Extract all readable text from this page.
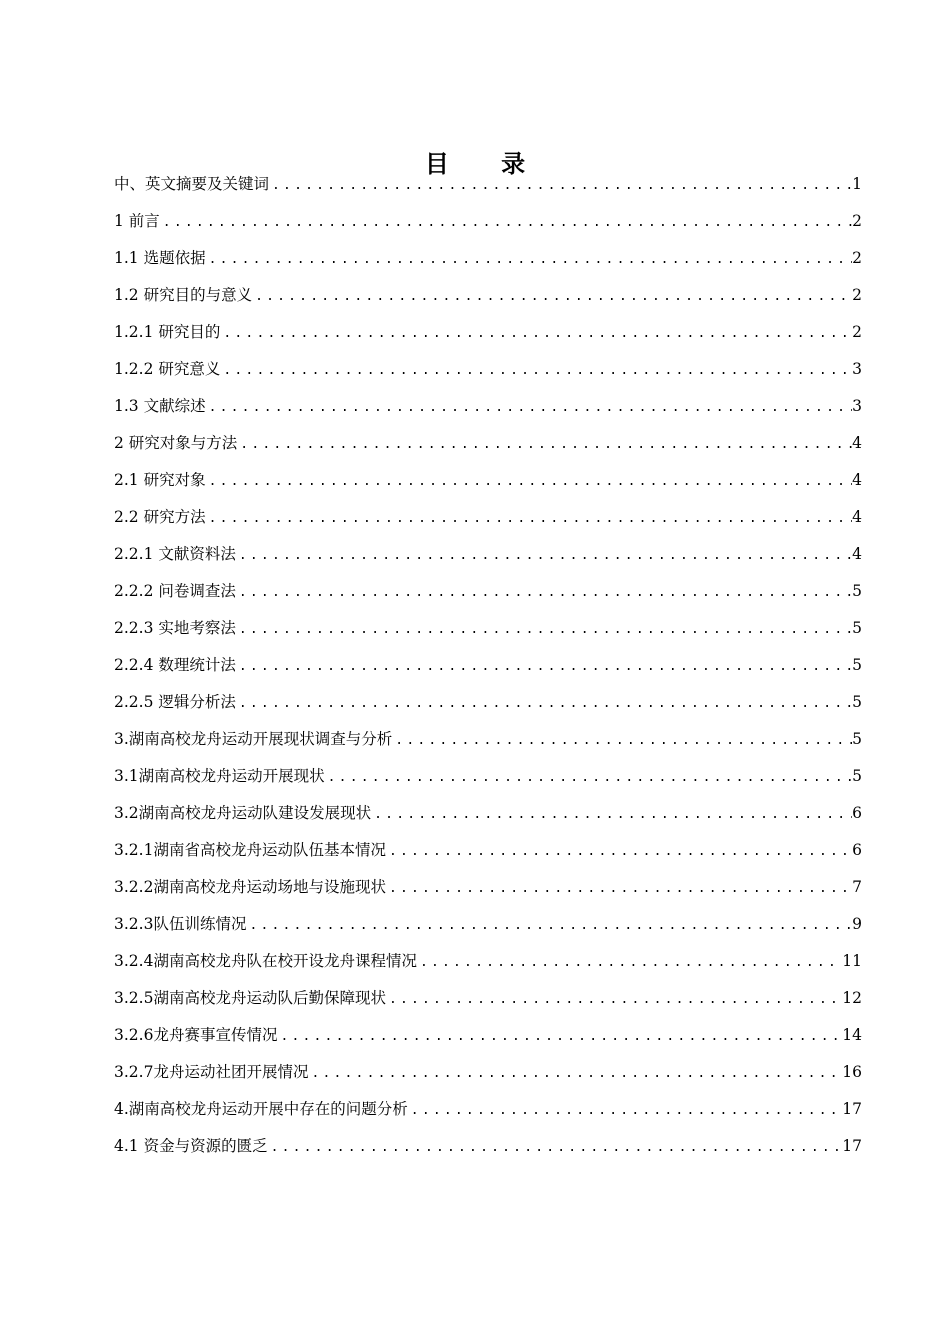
目 录
中、英文摘要及关键词 .....	1
1 前言 .....	2
1.1 选题依据 .....	2
1.2 研究目的与意义 .....	2
1.2.1 研究目的 .....	2
1.2.2 研究意义 .....	3
1.3 文献综述 .....	3
2 研究对象与方法 .....	4
2.1 研究对象 .....	4
2.2 研究方法 .....	4
2.2.1 文献资料法 .....	4
2.2.2 问卷调查法 .....	5
2.2.3 实地考察法 .....	5
2.2.4 数理统计法 .....	5
2.2.5 逻辑分析法 .....	5
3.湖南高校龙舟运动开展现状调查与分析 .....	5
3.1湖南高校龙舟运动开展现状 .....	5
3.2湖南高校龙舟运动队建设发展现状 .....	6
3.2.1湖南省高校龙舟运动队伍基本情况 .....	6
3.2.2湖南高校龙舟运动场地与设施现状 .....	7
3.2.3队伍训练情况 .....	9
3.2.4湖南高校龙舟队在校开设龙舟课程情况 .....	11
3.2.5湖南高校龙舟运动队后勤保障现状 .....	12
3.2.6龙舟赛事宣传情况 .....	14
3.2.7龙舟运动社团开展情况 .....	16
4.湖南高校龙舟运动开展中存在的问题分析 .....	17
4.1 资金与资源的匮乏 .....	17
